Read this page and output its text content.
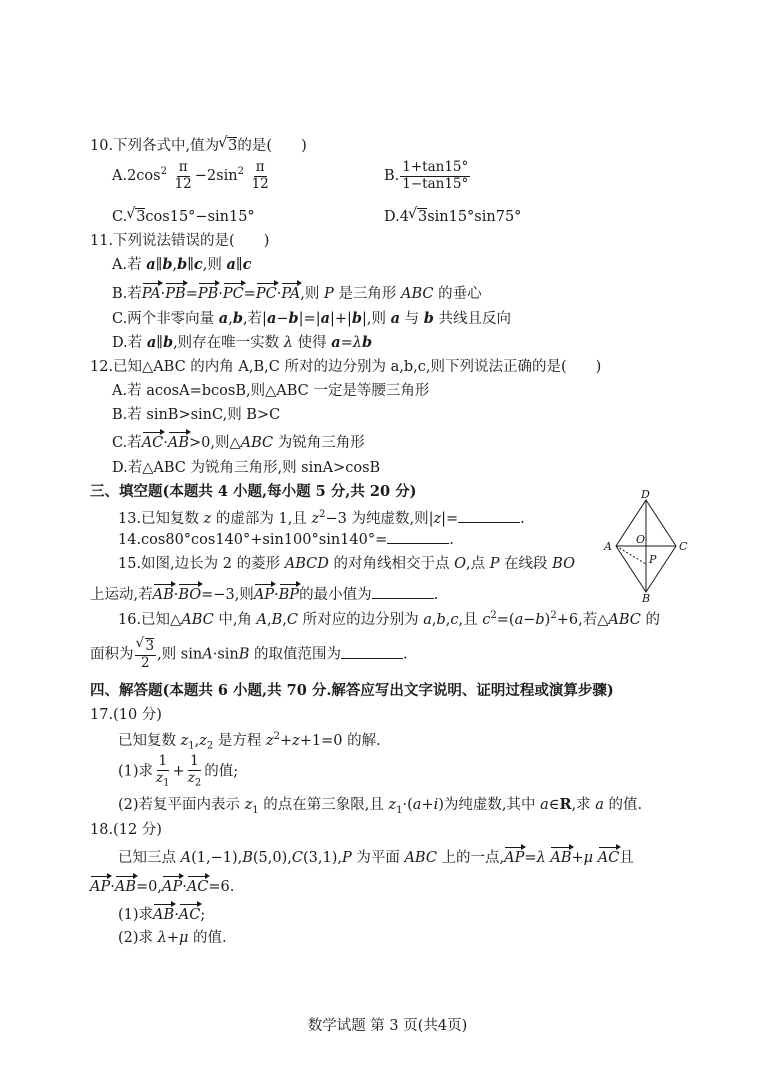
10.下列各式中,值为 √ 3的是(　　)
$A.2\cos^2 \frac{\pi}{12} -2\sin^2 \frac{\pi}{12}$	B. $\frac{1+\tan 15^\circ}{1-\tan 15^\circ}$
C. √ 3cos15°−sin15°	D.4 √ 3sin15°sin75°
11.下列说法错误的是(　　)
A.若 a∥b,b∥c,则 a∥c
B.若PA·PB=PB·PC=PC·PA,则 P 是三角形 ABC 的垂心
C.两个非零向量 a,b,若|a−b|=|a|+|b|,则 a 与 b 共线且反向
D.若 a∥b,则存在唯一实数 λ 使得 a=λb
12.已知△ABC 的内角 A,B,C 所对的边分别为 a,b,c,则下列说法正确的是(　　)
A.若 acosA=bcosB,则△ABC 一定是等腰三角形
B.若 sinB>sinC,则 B>C
C.若AC·AB>0,则△ABC 为锐角三角形
D.若△ABC 为锐角三角形,则 sinA>cosB
三、填空题(本题共 4 小题,每小题 5 分,共 20 分)
13.已知复数 z 的虚部为 1,且 $z^2-3$ 为纯虚数,则|z|=	.
14.cos80°cos140°+sin100°sin140°=	.
15.如图,边长为 2 的菱形 ABCD 的对角线相交于点 O,点 P 在线段 BO
上运动,若AB·BO=−3,则AP·BP的最小值为	.
16.已知△ABC 中,角 A,B,C 所对应的边分别为 a,b,c,且 $c^2=(a-b)^2+6$,若△ABC 的
面积为 √ $\frac{3}{2}$ ,则 sinA·sinB 的取值范围为	.
D
A
O
C
P
B
四、解答题(本题共 6 小题,共 70 分.解答应写出文字说明、证明过程或演算步骤)
17.(10 分)
已知复数 $z_1,z_2$ 是方程 $z^2+z+1=0$ 的解.
(1)求 $\frac{1}{z_1} + \frac{1}{z_2}$ 的值;
(2)若复平面内表示 $z_1$ 的点在第三象限,且 $z_1\cdot(a+i)$为纯虚数,其中 a∈R,求 a 的值.
18.(12 分)
已知三点 A(1,−1),B(5,0),C(3,1),P 为平面 ABC 上的一点,AP=λ AB+μ AC且
AP·AB=0,AP·AC=6.
(1)求AB·AC;
(2)求 λ+μ 的值.
数学试题 第 3 页(共4页)
